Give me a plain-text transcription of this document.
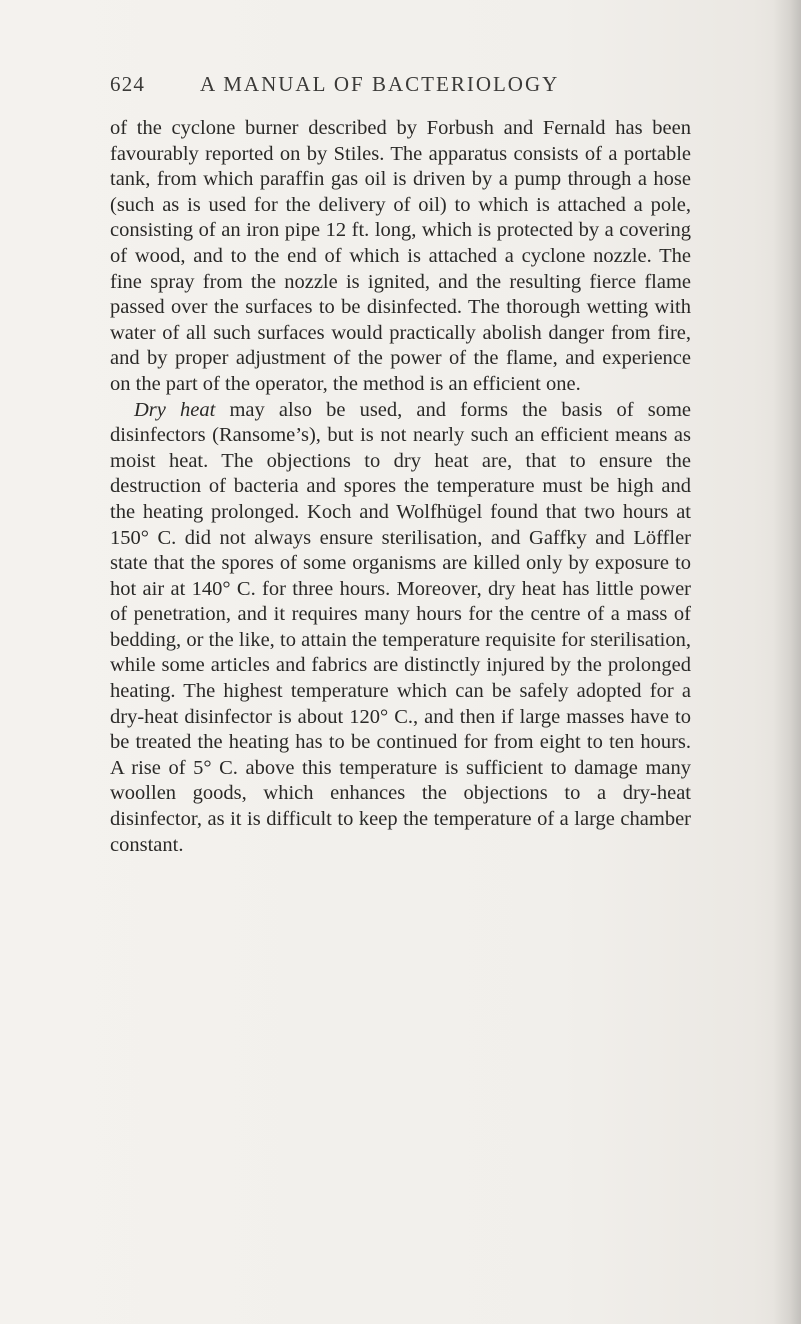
624	A MANUAL OF BACTERIOLOGY

of the cyclone burner described by Forbush and Fernald has been favourably reported on by Stiles. The apparatus consists of a portable tank, from which paraffin gas oil is driven by a pump through a hose (such as is used for the delivery of oil) to which is attached a pole, consisting of an iron pipe 12 ft. long, which is protected by a covering of wood, and to the end of which is attached a cyclone nozzle. The fine spray from the nozzle is ignited, and the resulting fierce flame passed over the surfaces to be disinfected. The thorough wetting with water of all such surfaces would practically abolish danger from fire, and by proper adjustment of the power of the flame, and experience on the part of the operator, the method is an efficient one.

Dry heat may also be used, and forms the basis of some disinfectors (Ransome’s), but is not nearly such an efficient means as moist heat. The objections to dry heat are, that to ensure the destruction of bacteria and spores the temperature must be high and the heating prolonged. Koch and Wolfhügel found that two hours at 150° C. did not always ensure sterilisation, and Gaffky and Löffler state that the spores of some organisms are killed only by exposure to hot air at 140° C. for three hours. Moreover, dry heat has little power of penetration, and it requires many hours for the centre of a mass of bedding, or the like, to attain the temperature requisite for sterilisation, while some articles and fabrics are distinctly injured by the prolonged heating. The highest temperature which can be safely adopted for a dry-heat disinfector is about 120° C., and then if large masses have to be treated the heating has to be continued for from eight to ten hours. A rise of 5° C. above this temperature is sufficient to damage many woollen goods, which enhances the objections to a dry-heat disinfector, as it is difficult to keep the temperature of a large chamber constant.
